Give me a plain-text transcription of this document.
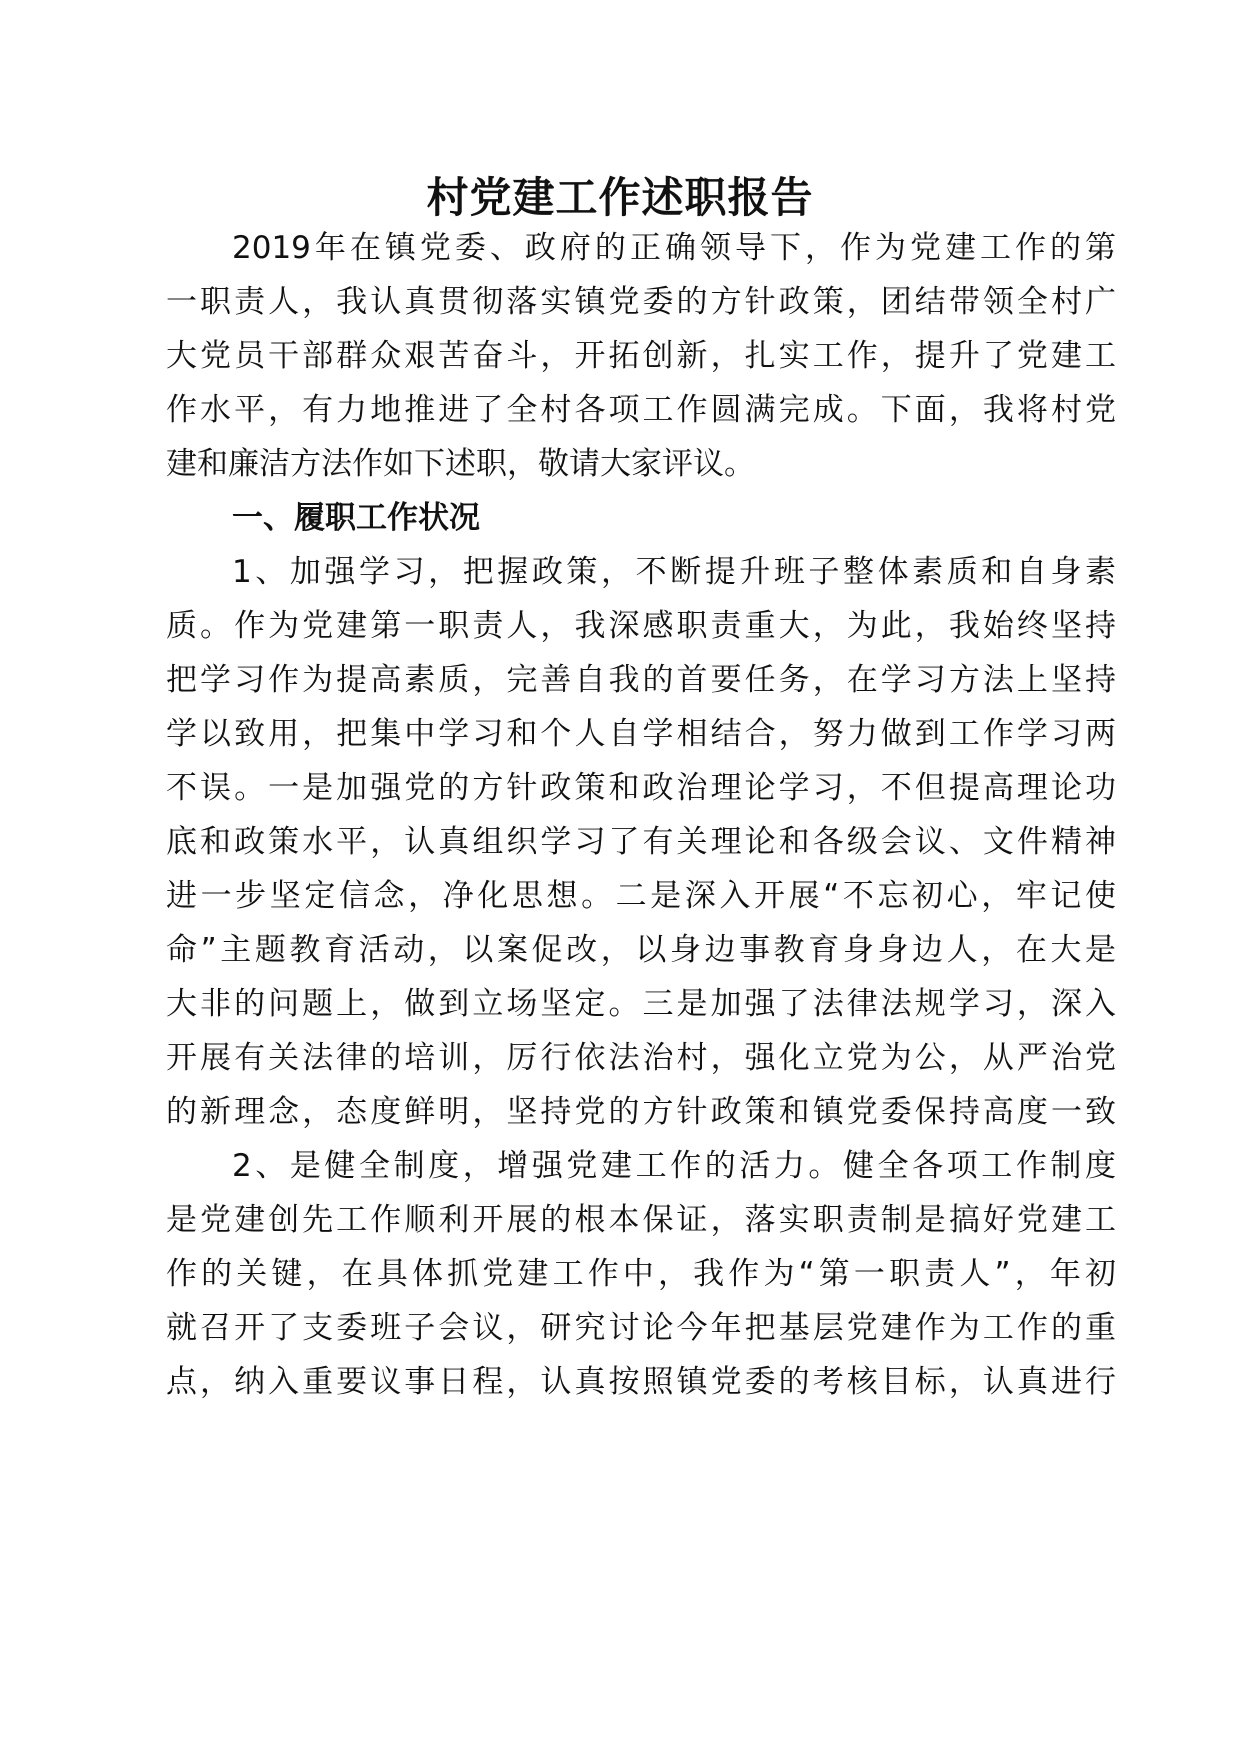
村党建工作述职报告
2019年在镇党委、政府的正确领导下，作为党建工作的第
一职责人，我认真贯彻落实镇党委的方针政策，团结带领全村广
大党员干部群众艰苦奋斗，开拓创新，扎实工作，提升了党建工
作水平，有力地推进了全村各项工作圆满完成。下面，我将村党
建和廉洁方法作如下述职，敬请大家评议。
一、履职工作状况
1、加强学习，把握政策，不断提升班子整体素质和自身素
质。作为党建第一职责人，我深感职责重大，为此，我始终坚持
把学习作为提高素质，完善自我的首要任务，在学习方法上坚持
学以致用，把集中学习和个人自学相结合，努力做到工作学习两
不误。一是加强党的方针政策和政治理论学习，不但提高理论功
底和政策水平，认真组织学习了有关理论和各级会议、文件精神
进一步坚定信念，净化思想。二是深入开展“不忘初心，牢记使
命”主题教育活动，以案促改，以身边事教育身身边人，在大是
大非的问题上，做到立场坚定。三是加强了法律法规学习，深入
开展有关法律的培训，厉行依法治村，强化立党为公，从严治党
的新理念，态度鲜明，坚持党的方针政策和镇党委保持高度一致
2、是健全制度，增强党建工作的活力。健全各项工作制度
是党建创先工作顺利开展的根本保证，落实职责制是搞好党建工
作的关键，在具体抓党建工作中，我作为“第一职责人”，年初
就召开了支委班子会议，研究讨论今年把基层党建作为工作的重
点，纳入重要议事日程，认真按照镇党委的考核目标，认真进行
